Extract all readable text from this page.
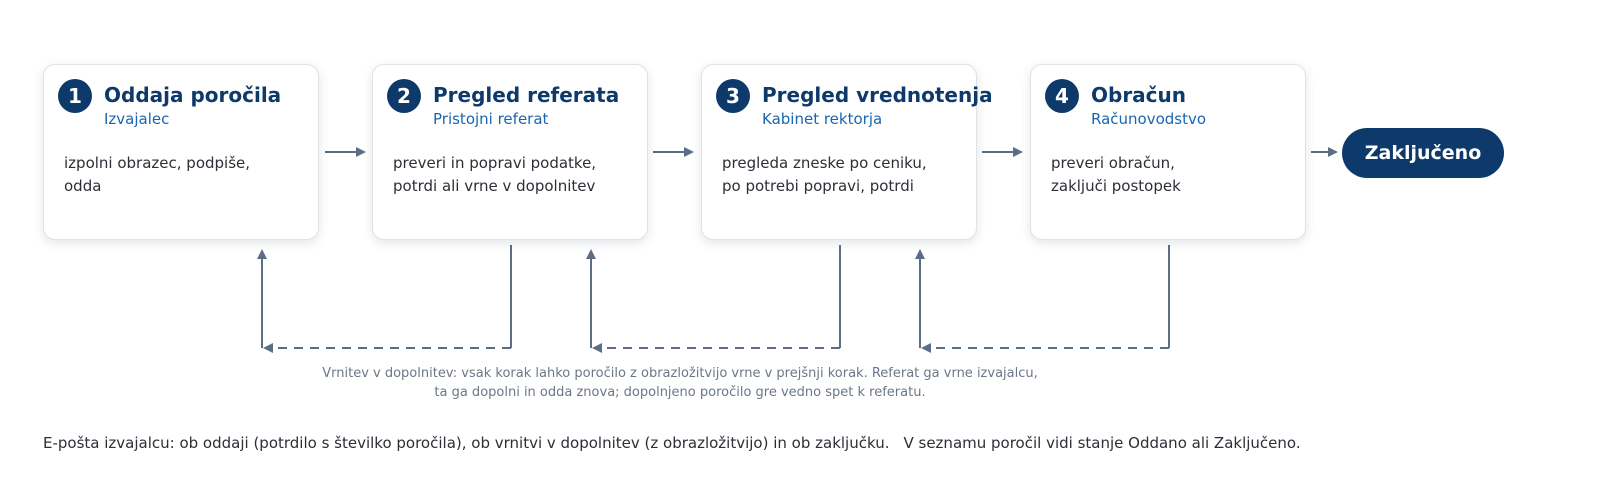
1	Oddaja poročila
Izvajalec
izpolni obrazec, podpiše,
odda
2	Pregled referata
Pristojni referat
preveri in popravi podatke,
potrdi ali vrne v dopolnitev
3	Pregled vrednotenja
Kabinet rektorja
pregleda zneske po ceniku,
po potrebi popravi, potrdi
4	Obračun
Računovodstvo
preveri obračun,
zaključi postopek
Zaključeno
Vrnitev v dopolnitev: vsak korak lahko poročilo z obrazložitvijo vrne v prejšnji korak. Referat ga vrne izvajalcu,
ta ga dopolni in odda znova; dopolnjeno poročilo gre vedno spet k referatu.
E-pošta izvajalcu: ob oddaji (potrdilo s številko poročila), ob vrnitvi v dopolnitev (z obrazložitvijo) in ob zaključku. V seznamu poročil vidi stanje Oddano ali Zaključeno.
